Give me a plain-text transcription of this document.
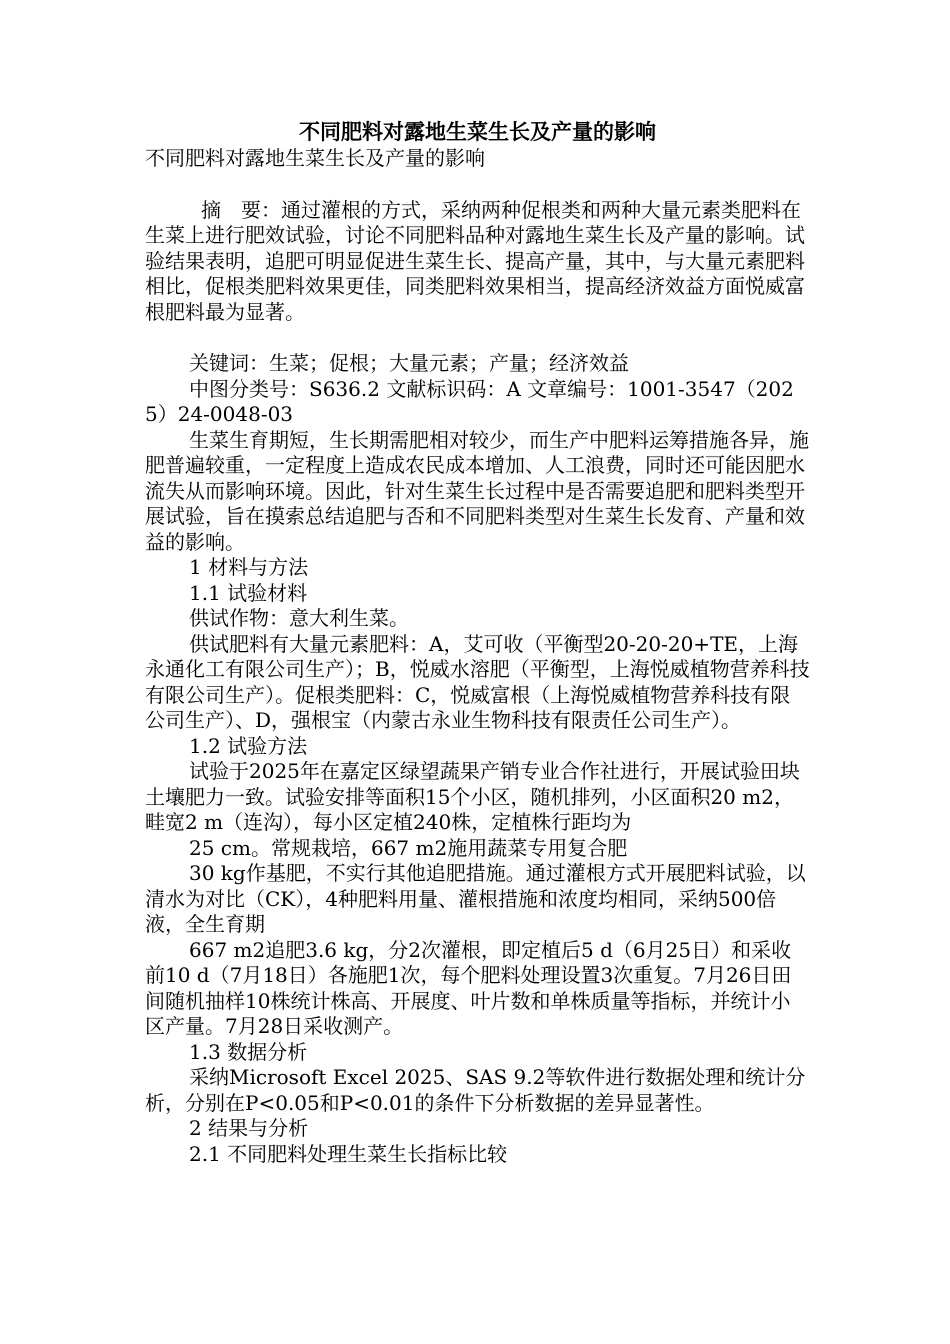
不同肥料对露地生菜生长及产量的影响

不同肥料对露地生菜生长及产量的影响

摘　要：通过灌根的方式，采纳两种促根类和两种大量元素类肥料在生菜上进行肥效试验，讨论不同肥料品种对露地生菜生长及产量的影响。试验结果表明，追肥可明显促进生菜生长、提高产量，其中，与大量元素肥料相比，促根类肥料效果更佳，同类肥料效果相当，提高经济效益方面悦威富根肥料最为显著。

关键词：生菜；促根；大量元素；产量；经济效益

中图分类号：S636.2 文献标识码：A 文章编号：1001-3547（2025）24-0048-03

生菜生育期短，生长期需肥相对较少，而生产中肥料运筹措施各异，施肥普遍较重，一定程度上造成农民成本增加、人工浪费，同时还可能因肥水流失从而影响环境。因此，针对生菜生长过程中是否需要追肥和肥料类型开展试验，旨在摸索总结追肥与否和不同肥料类型对生菜生长发育、产量和效益的影响。

1 材料与方法

1.1 试验材料

供试作物：意大利生菜。

供试肥料有大量元素肥料：A，艾可收（平衡型20-20-20+TE，上海永通化工有限公司生产）；B，悦威水溶肥（平衡型，上海悦威植物营养科技有限公司生产）。促根类肥料：C，悦威富根（上海悦威植物营养科技有限公司生产）、D，强根宝（内蒙古永业生物科技有限责任公司生产）。

1.2 试验方法

试验于2025年在嘉定区绿望蔬果产销专业合作社进行，开展试验田块土壤肥力一致。试验安排等面积15个小区，随机排列，小区面积20 m2，畦宽2 m（连沟），每小区定植240株，定植株行距均为

25 cm。常规栽培，667 m2施用蔬菜专用复合肥

30 kg作基肥，不实行其他追肥措施。通过灌根方式开展肥料试验，以清水为对比（CK），4种肥料用量、灌根措施和浓度均相同，采纳500倍液，全生育期

667 m2追肥3.6 kg，分2次灌根，即定植后5 d（6月25日）和采收前10 d（7月18日）各施肥1次，每个肥料处理设置3次重复。7月26日田间随机抽样10株统计株高、开展度、叶片数和单株质量等指标，并统计小区产量。7月28日采收测产。

1.3 数据分析

采纳Microsoft Excel 2025、SAS 9.2等软件进行数据处理和统计分析，分别在P<0.05和P<0.01的条件下分析数据的差异显著性。

2 结果与分析

2.1 不同肥料处理生菜生长指标比较
